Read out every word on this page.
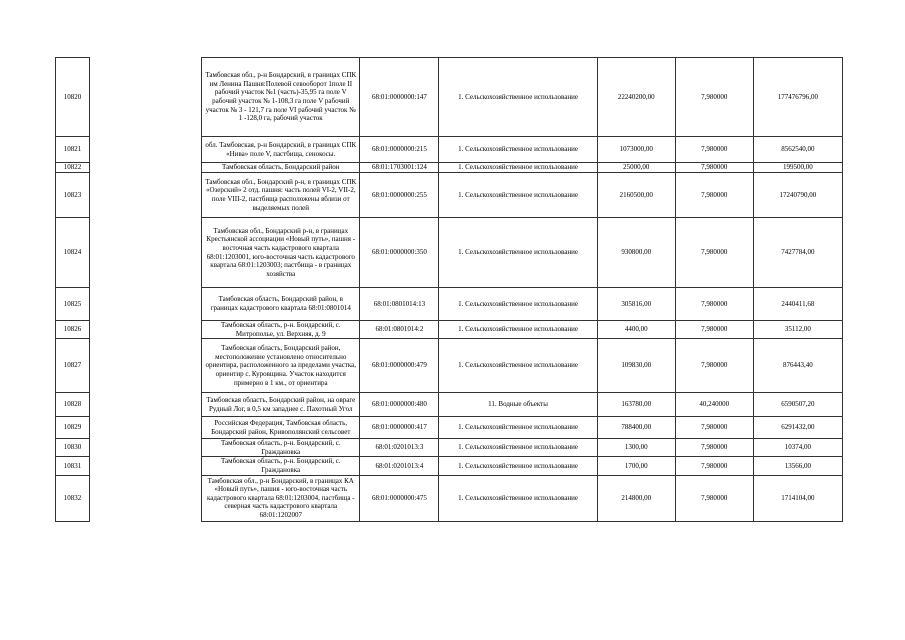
10820		Тамбовская обл., р-н Бондарский, в границах СПК им Ленина Пашня:Полевой севооборот 1поле II рабочий участок №1 (часть)-35,95 га поле V рабочий участок № 1-108,3 га поле V рабочий участок № 3 - 121,7 га поле VI рабочий участок № 1 -128,0 га, рабочий участок	68:01:0000000:147	1. Сельскохозяйственное использование	22240200,00	7,980000	177476796,00
10821		обл. Тамбовская, р-н Бондарский, в границах СПК «Нива» поле V, пастбища, сенокосы.	68:01:0000000:215	1. Сельскохозяйственное использование	1073000,00	7,980000	8562540,00
10822		Тамбовская область, Бондарский район	68:01:1703001:124	1. Сельскохозяйственное использование	25000,00	7,980000	199500,00
10823		Тамбовская обл., Бондарский р-н, в границах СПК «Озерский» 2 отд. пашня: часть полей VI-2, VII-2, поле VIII-2, пастбища расположены вблизи от выделяемых полей	68:01:0000000:255	1. Сельскохозяйственное использование	2160500,00	7,980000	17240790,00
10824		Тамбовская обл., Бондарский р-н, в границах Крестьянской ассоциации «Новый путь», пашня - восточная часть кадастрового квартала 68:01:1203001, юго-восточная часть кадастрового квартала 68:01:1203003; пастбища - в границах хозяйства	68:01:0000000:350	1. Сельскохозяйственное использование	930800,00	7,980000	7427784,00
10825		Тамбовская область, Бондарский район, в границах кадастрового квартала 68:01:0801014	68:01:0801014:13	1. Сельскохозяйственное использование	305816,00	7,980000	2440411,68
10826		Тамбовская область, р-н. Бондарский, с. Митрополье, ул. Верхняя, д. 9	68:01:0801014:2	1. Сельскохозяйственное использование	4400,00	7,980000	35112,00
10827		Тамбовская область, Бондарский район, местоположение установлено относительно ориентира, расположенного за пределами участка, ориентир с. Куровщина. Участок находится примерно в 1 км., от ориентира	68:01:0000000:479	1. Сельскохозяйственное использование	109830,00	7,980000	876443,40
10828		Тамбовская область, Бондарский район, на овраге Рудный Лог, в 0,5 км западнее с. Пахотный Угол	68:01:0000000:480	11. Водные объекты	163780,00	40,240000	6590507,20
10829		Российская Федерация, Тамбовская область, Бондарский район, Кривополянский сельсовет	68:01:0000000:417	1. Сельскохозяйственное использование	788400,00	7,980000	6291432,00
10830		Тамбовская область, р-н. Бондарский, с. Граждановка	68:01:0201013:3	1. Сельскохозяйственное использование	1300,00	7,980000	10374,00
10831		Тамбовская область, р-н. Бондарский, с. Граждановка	68:01:0201013:4	1. Сельскохозяйственное использование	1700,00	7,980000	13566,00
10832		Тамбовская обл., р-н Бондарский, в границах КА «Новый путь», пашня - юго-восточная часть кадастрового квартала 68:01:1203004, пастбища - северная часть кадастрового квартала 68:01:1202007	68:01:0000000:475	1. Сельскохозяйственное использование	214800,00	7,980000	1714104,00
